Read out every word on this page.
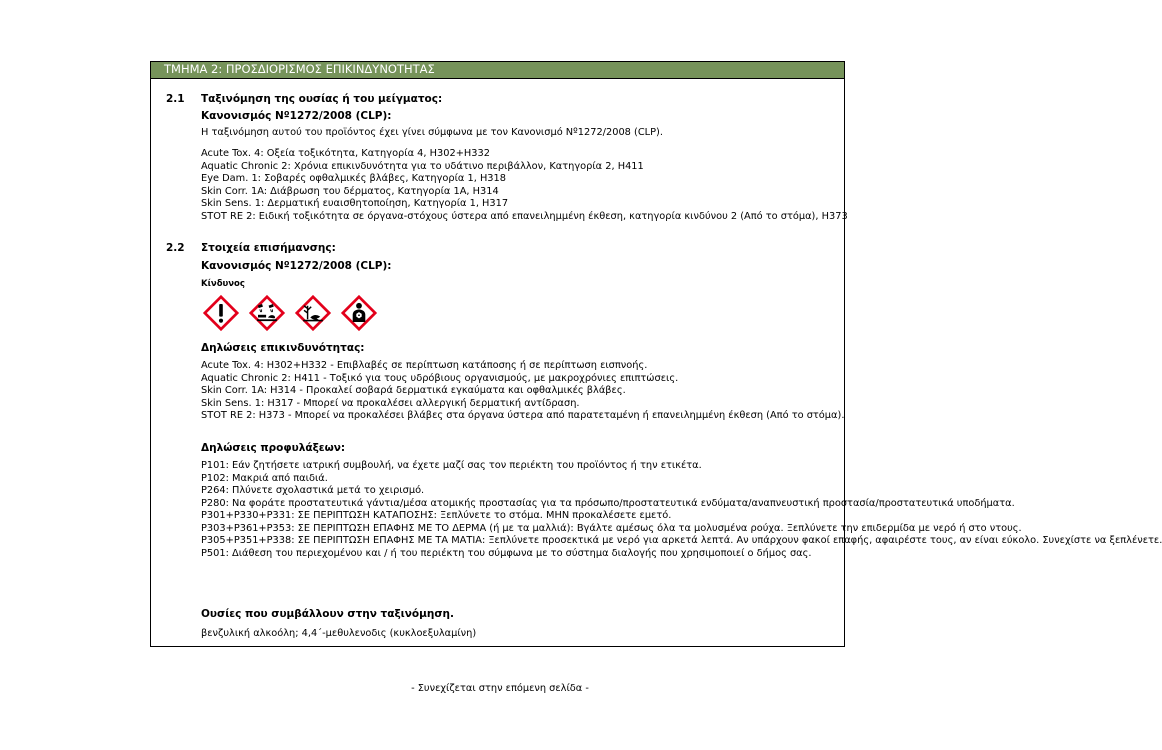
ΤΜΗΜΑ 2: ΠΡΟΣΔΙΟΡΙΣΜΟΣ ΕΠΙΚΙΝΔΥΝΟΤΗΤΑΣ
2.1 Ταξινόμηση της ουσίας ή του μείγματος:
Κανονισμός Nº1272/2008 (CLP):
Η ταξινόμηση αυτού του προϊόντος έχει γίνει σύμφωνα με τον Κανονισμό Nº1272/2008 (CLP).
Acute Tox. 4: Οξεία τοξικότητα, Κατηγορία 4, H302+H332
Aquatic Chronic 2: Χρόνια επικινδυνότητα για το υδάτινο περιβάλλον, Κατηγορία 2, H411
Eye Dam. 1: Σοβαρές οφθαλμικές βλάβες, Κατηγορία 1, H318
Skin Corr. 1A: Διάβρωση του δέρματος, Κατηγορία 1A, H314
Skin Sens. 1: Δερματική ευαισθητοποίηση, Κατηγορία 1, H317
STOT RE 2: Ειδική τοξικότητα σε όργανα-στόχους ύστερα από επανειλημμένη έκθεση, κατηγορία κινδύνου 2 (Από το στόμα), H373
2.2 Στοιχεία επισήμανσης:
Κανονισμός Nº1272/2008 (CLP):
Κίνδυνος
Δηλώσεις επικινδυνότητας:
Acute Tox. 4: H302+H332 - Επιβλαβές σε περίπτωση κατάποσης ή σε περίπτωση εισπνοής.
Aquatic Chronic 2: H411 - Τοξικό για τους υδρόβιους οργανισμούς, με μακροχρόνιες επιπτώσεις.
Skin Corr. 1A: H314 - Προκαλεί σοβαρά δερματικά εγκαύματα και οφθαλμικές βλάβες.
Skin Sens. 1: H317 - Μπορεί να προκαλέσει αλλεργική δερματική αντίδραση.
STOT RE 2: H373 - Μπορεί να προκαλέσει βλάβες στα όργανα ύστερα από παρατεταμένη ή επανειλημμένη έκθεση (Από το στόμα).
Δηλώσεις προφυλάξεων:
P101: Εάν ζητήσετε ιατρική συμβουλή, να έχετε μαζί σας τον περιέκτη του προϊόντος ή την ετικέτα.
P102: Μακριά από παιδιά.
P264: Πλύνετε σχολαστικά μετά το χειρισμό.
P280: Να φοράτε προστατευτικά γάντια/μέσα ατομικής προστασίας για τα πρόσωπο/προστατευτικά ενδύματα/αναπνευστική προστασία/προστατευτικά υποδήματα.
P301+P330+P331: ΣΕ ΠΕΡΙΠΤΩΣΗ ΚΑΤΑΠΟΣΗΣ: Ξεπλύνετε το στόμα. ΜΗΝ προκαλέσετε εμετό.
P303+P361+P353: ΣΕ ΠΕΡΙΠΤΩΣΗ ΕΠΑΦΗΣ ΜΕ ΤΟ ΔΕΡΜΑ (ή με τα μαλλιά): Βγάλτε αμέσως όλα τα μολυσμένα ρούχα. Ξεπλύνετε την επιδερμίδα με νερό ή στο ντους.
P305+P351+P338: ΣΕ ΠΕΡΙΠΤΩΣΗ ΕΠΑΦΗΣ ΜΕ ΤΑ ΜΑΤΙΑ: Ξεπλύνετε προσεκτικά με νερό για αρκετά λεπτά. Αν υπάρχουν φακοί επαφής, αφαιρέστε τους, αν είναι εύκολο. Συνεχίστε να ξεπλένετε.
P501: Διάθεση του περιεχομένου και / ή του περιέκτη του σύμφωνα με το σύστημα διαλογής που χρησιμοποιεί ο δήμος σας.
Ουσίες που συμβάλλουν στην ταξινόμηση.
βενζυλική αλκοόλη; 4,4΄-μεθυλενοδις (κυκλοεξυλαμίνη)
- Συνεχίζεται στην επόμενη σελίδα -
